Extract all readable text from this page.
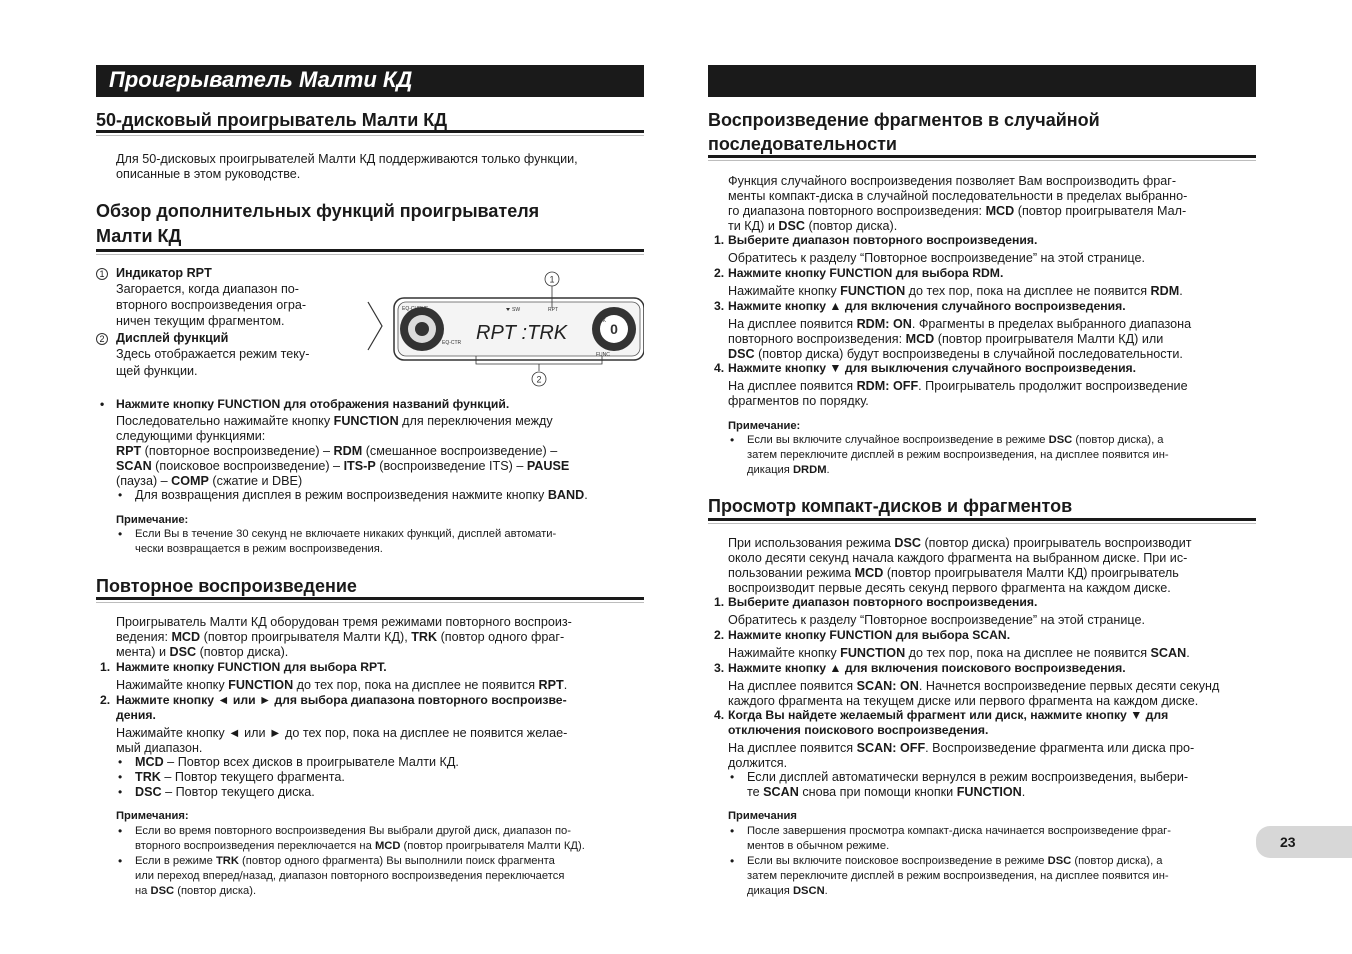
Проигрыватель Малти КД
50-дисковый проигрыватель Малти КД
Для 50-дисковых проигрывателей Малти КД поддерживаются только функции,
описанные в этом руководстве.
Обзор дополнительных функций проигрывателя
Малти КД
1 Индикатор RPT
Загорается, когда диапазон по-
вторного воспроизведения огра-
ничен текущим фрагментом.
2 Дисплей функций
Здесь отображается режим теку-
щей функции.
0
EQ-CURVE	SW	RPT
RPT :TRK
EQ-CTR
TRK
FUNC
1
2
• Нажмите кнопку FUNCTION для отображения названий функций.
Последовательно нажимайте кнопку FUNCTION для переключения между
следующими функциями:
RPT (повторное воспроизведение) – RDM (смешанное воспроизведение) –
SCAN (поисковое воспроизведение) – ITS-P (воспроизведение ITS) – PAUSE
(пауза) – COMP (сжатие и DBE)
• Для возвращения дисплея в режим воспроизведения нажмите кнопку BAND.
Примечание:
• Если Вы в течение 30 секунд не включаете никаких функций, дисплей автомати-
чески возвращается в режим воспроизведения.
Повторное воспроизведение
Проигрыватель Малти КД оборудован тремя режимами повторного воспроиз-
ведения: MCD (повтор проигрывателя Малти КД), TRK (повтор одного фраг-
мента) и DSC (повтор диска).
1. Нажмите кнопку FUNCTION для выбора RPT.
Нажимайте кнопку FUNCTION до тех пор, пока на дисплее не появится RPT.
2. Нажмите кнопку ◄ или ► для выбора диапазона повторного воспроизве-
дения.
Нажимайте кнопку ◄ или ► до тех пор, пока на дисплее не появится желае-
мый диапазон.
• MCD – Повтор всех дисков в проигрывателе Малти КД.
• TRK – Повтор текущего фрагмента.
• DSC – Повтор текущего диска.
Примечания:
• Если во время повторного воспроизведения Вы выбрали другой диск, диапазон по-
вторного воспроизведения переключается на MCD (повтор проигрывателя Малти КД).
• Если в режиме TRK (повтор одного фрагмента) Вы выполнили поиск фрагмента
или переход вперед/назад, диапазон повторного воспроизведения переключается
на DSC (повтор диска).
Воспроизведение фрагментов в случайной
последовательности
Функция случайного воспроизведения позволяет Вам воспроизводить фраг-
менты компакт-диска в случайной последовательности в пределах выбранно-
го диапазона повторного воспроизведения: MCD (повтор проигрывателя Мал-
ти КД) и DSC (повтор диска).
1. Выберите диапазон повторного воспроизведения.
Обратитесь к разделу “Повторное воспроизведение” на этой странице.
2. Нажмите кнопку FUNCTION для выбора RDM.
Нажимайте кнопку FUNCTION до тех пор, пока на дисплее не появится RDM.
3. Нажмите кнопку ▲ для включения случайного воспроизведения.
На дисплее появится RDM: ON. Фрагменты в пределах выбранного диапазона
повторного воспроизведения: MCD (повтор проигрывателя Малти КД) или
DSC (повтор диска) будут воспроизведены в случайной последовательности.
4. Нажмите кнопку ▼ для выключения случайного воспроизведения.
На дисплее появится RDM: OFF. Проигрыватель продолжит воспроизведение
фрагментов по порядку.
Примечание:
• Если вы включите случайное воспроизведение в режиме DSC (повтор диска), а
затем переключите дисплей в режим воспроизведения, на дисплее появится ин-
дикация DRDM.
Просмотр компакт-дисков и фрагментов
При использования режима DSC (повтор диска) проигрыватель воспроизводит
около десяти секунд начала каждого фрагмента на выбранном диске. При ис-
пользовании режима MCD (повтор проигрывателя Малти КД) проигрыватель
воспроизводит первые десять секунд первого фрагмента на каждом диске.
1. Выберите диапазон повторного воспроизведения.
Обратитесь к разделу “Повторное воспроизведение” на этой странице.
2. Нажмите кнопку FUNCTION для выбора SCAN.
Нажимайте кнопку FUNCTION до тех пор, пока на дисплее не появится SCAN.
3. Нажмите кнопку ▲ для включения поискового воспроизведения.
На дисплее появится SCAN: ON. Начнется воспроизведение первых десяти секунд
каждого фрагмента на текущем диске или первого фрагмента на каждом диске.
4. Когда Вы найдете желаемый фрагмент или диск, нажмите кнопку ▼ для
отключения поискового воспроизведения.
На дисплее появится SCAN: OFF. Воспроизведение фрагмента или диска про-
должится.
• Если дисплей автоматически вернулся в режим воспроизведения, выбери-
те SCAN снова при помощи кнопки FUNCTION.
Примечания
• После завершения просмотра компакт-диска начинается воспроизведение фраг-
ментов в обычном режиме.
• Если вы включите поисковое воспроизведение в режиме DSC (повтор диска), а
затем переключите дисплей в режим воспроизведения, на дисплее появится ин-
дикация DSCN.
23
